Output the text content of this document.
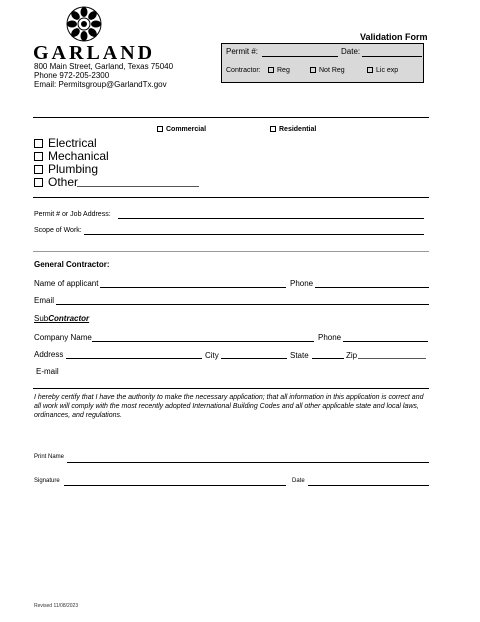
GARLAND
800 Main Street, Garland, Texas 75040
Phone 972-205-2300
Email: Permitsgroup@GarlandTx.gov
Validation Form
Permit #:	Date:
Contractor:	Reg	Not Reg	Lic exp
Commercial	Residential
Electrical
Mechanical
Plumbing
Other
Permit # or Job Address:
Scope of Work:
General Contractor:
Name of applicant	Phone
Email
SubContractor
Company Name	Phone
Address	City	State	Zip
E-mail
I hereby certify that I have the authority to make the necessary application; that all information in this application is correct and all work will comply with the most recently adopted International Building Codes and all other applicable state and local laws, ordinances, and regulations.
Print Name
Signature	Date
Revised 11/08/2023
